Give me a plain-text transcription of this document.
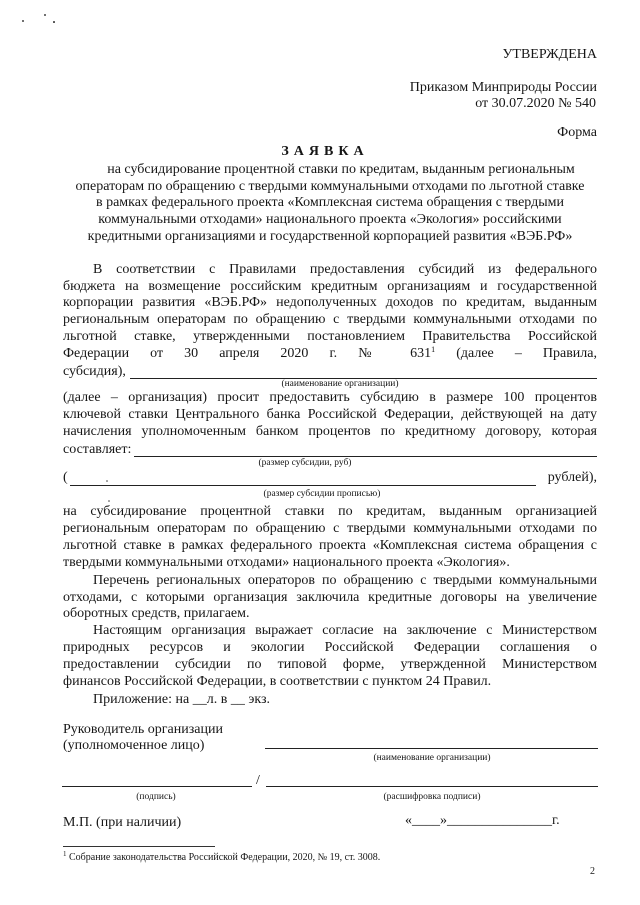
УТВЕРЖДЕНА
Приказом Минприроды России
от 30.07.2020 № 540
Форма
ЗАЯВКА
на субсидирование процентной ставки по кредитам, выданным региональным
операторам по обращению с твердыми коммунальными отходами по льготной ставке
в рамках федерального проекта «Комплексная система обращения с твердыми
коммунальными отходами» национального проекта «Экология» российскими
кредитными организациями и государственной корпорацией развития «ВЭБ.РФ»
В соответствии с Правилами предоставления субсидий из федерального
бюджета на возмещение российским кредитным организациям и государственной
корпорации развития «ВЭБ.РФ» недополученных доходов по кредитам, выданным
региональным операторам по обращению с твердыми коммунальными отходами по
льготной ставке, утвержденными постановлением Правительства Российской
Федерации от 30 апреля 2020 г. № $631^1$ (далее – Правила,
субсидия),
(наименование организации)
(далее – организация) просит предоставить субсидию в размере 100 процентов
ключевой ставки Центрального банка Российской Федерации, действующей на дату
начисления уполномоченным банком процентов по кредитному договору, которая
составляет:
(размер субсидии, руб)
(	рублей),
(размер субсидии прописью)
на субсидирование процентной ставки по кредитам, выданным организацией
региональным операторам по обращению с твердыми коммунальными отходами по
льготной ставке в рамках федерального проекта «Комплексная система обращения с
твердыми коммунальными отходами» национального проекта «Экология».
Перечень региональных операторов по обращению с твердыми коммунальными
отходами, с которыми организация заключила кредитные договоры на увеличение
оборотных средств, прилагаем.
Настоящим организация выражает согласие на заключение с Министерством
природных ресурсов и экологии Российской Федерации соглашения о
предоставлении субсидии по типовой форме, утвержденной Министерством
финансов Российской Федерации, в соответствии с пунктом 24 Правил.
Приложение: на __л. в __ экз.
Руководитель организации
(уполномоченное лицо)
(наименование организации)
/
(подпись)	(расшифровка подписи)
М.П. (при наличии)	«____»_______________г.
$^1$ Собрание законодательства Российской Федерации, 2020, № 19, ст. 3008.
2
